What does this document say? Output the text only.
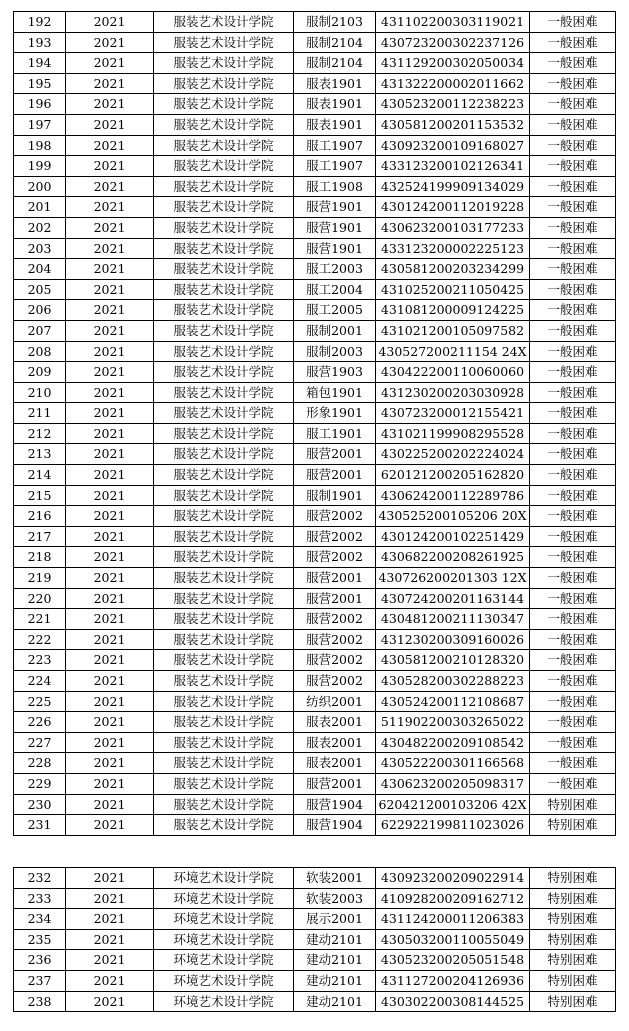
192	2021	服装艺术设计学院	服制2103	431102200303119021	一般困难
193	2021	服装艺术设计学院	服制2104	430723200302237126	一般困难
194	2021	服装艺术设计学院	服制2104	431129200302050034	一般困难
195	2021	服装艺术设计学院	服表1901	431322200002011662	一般困难
196	2021	服装艺术设计学院	服表1901	430523200112238223	一般困难
197	2021	服装艺术设计学院	服表1901	430581200201153532	一般困难
198	2021	服装艺术设计学院	服工1907	430923200109168027	一般困难
199	2021	服装艺术设计学院	服工1907	433123200102126341	一般困难
200	2021	服装艺术设计学院	服工1908	432524199909134029	一般困难
201	2021	服装艺术设计学院	服营1901	430124200112019228	一般困难
202	2021	服装艺术设计学院	服营1901	430623200103177233	一般困难
203	2021	服装艺术设计学院	服营1901	433123200002225123	一般困难
204	2021	服装艺术设计学院	服工2003	430581200203234299	一般困难
205	2021	服装艺术设计学院	服工2004	431025200211050425	一般困难
206	2021	服装艺术设计学院	服工2005	431081200009124225	一般困难
207	2021	服装艺术设计学院	服制2001	431021200105097582	一般困难
208	2021	服装艺术设计学院	服制2003	430527200211154 24X	一般困难
209	2021	服装艺术设计学院	服营1903	430422200110060060	一般困难
210	2021	服装艺术设计学院	箱包1901	431230200203030928	一般困难
211	2021	服装艺术设计学院	形象1901	430723200012155421	一般困难
212	2021	服装艺术设计学院	服工1901	431021199908295528	一般困难
213	2021	服装艺术设计学院	服营2001	430225200202224024	一般困难
214	2021	服装艺术设计学院	服营2001	620121200205162820	一般困难
215	2021	服装艺术设计学院	服制1901	430624200112289786	一般困难
216	2021	服装艺术设计学院	服营2002	430525200105206 20X	一般困难
217	2021	服装艺术设计学院	服营2002	430124200102251429	一般困难
218	2021	服装艺术设计学院	服营2002	430682200208261925	一般困难
219	2021	服装艺术设计学院	服营2001	430726200201303 12X	一般困难
220	2021	服装艺术设计学院	服营2001	430724200201163144	一般困难
221	2021	服装艺术设计学院	服营2002	430481200211130347	一般困难
222	2021	服装艺术设计学院	服营2002	431230200309160026	一般困难
223	2021	服装艺术设计学院	服营2002	430581200210128320	一般困难
224	2021	服装艺术设计学院	服营2002	430528200302288223	一般困难
225	2021	服装艺术设计学院	纺织2001	430524200112108687	一般困难
226	2021	服装艺术设计学院	服表2001	511902200303265022	一般困难
227	2021	服装艺术设计学院	服表2001	430482200209108542	一般困难
228	2021	服装艺术设计学院	服表2001	430522200301166568	一般困难
229	2021	服装艺术设计学院	服营2001	430623200205098317	一般困难
230	2021	服装艺术设计学院	服营1904	620421200103206 42X	特别困难
231	2021	服装艺术设计学院	服营1904	622922199811023026	特别困难
232	2021	环境艺术设计学院	软装2001	430923200209022914	特别困难
233	2021	环境艺术设计学院	软装2003	410928200209162712	特别困难
234	2021	环境艺术设计学院	展示2001	431124200011206383	特别困难
235	2021	环境艺术设计学院	建动2101	430503200110055049	特别困难
236	2021	环境艺术设计学院	建动2101	430523200205051548	特别困难
237	2021	环境艺术设计学院	建动2101	431127200204126936	特别困难
238	2021	环境艺术设计学院	建动2101	430302200308144525	特别困难
